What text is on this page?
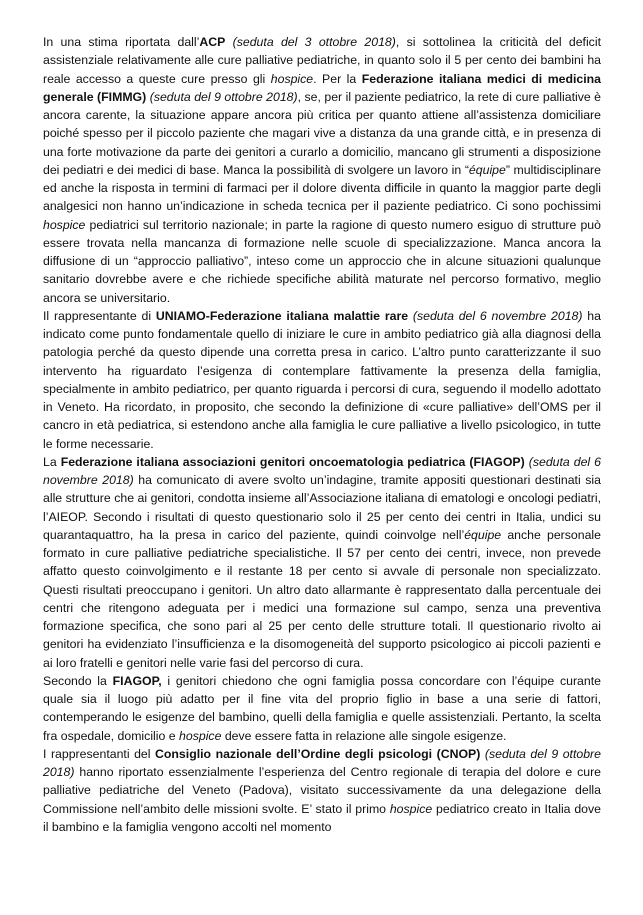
In una stima riportata dall’ACP (seduta del 3 ottobre 2018), si sottolinea la criticità del deficit assistenziale relativamente alle cure palliative pediatriche, in quanto solo il 5 per cento dei bambini ha reale accesso a queste cure presso gli hospice. Per la Federazione italiana medici di medicina generale (FIMMG) (seduta del 9 ottobre 2018), se, per il paziente pediatrico, la rete di cure palliative è ancora carente, la situazione appare ancora più critica per quanto attiene all’assistenza domiciliare poiché spesso per il piccolo paziente che magari vive a distanza da una grande città, e in presenza di una forte motivazione da parte dei genitori a curarlo a domicilio, mancano gli strumenti a disposizione dei pediatri e dei medici di base. Manca la possibilità di svolgere un lavoro in “équipe” multidisciplinare ed anche la risposta in termini di farmaci per il dolore diventa difficile in quanto la maggior parte degli analgesici non hanno un’indicazione in scheda tecnica per il paziente pediatrico. Ci sono pochissimi hospice pediatrici sul territorio nazionale; in parte la ragione di questo numero esiguo di strutture può essere trovata nella mancanza di formazione nelle scuole di specializzazione. Manca ancora la diffusione di un “approccio palliativo”, inteso come un approccio che in alcune situazioni qualunque sanitario dovrebbe avere e che richiede specifiche abilità maturate nel percorso formativo, meglio ancora se universitario.

Il rappresentante di UNIAMO-Federazione italiana malattie rare (seduta del 6 novembre 2018) ha indicato come punto fondamentale quello di iniziare le cure in ambito pediatrico già alla diagnosi della patologia perché da questo dipende una corretta presa in carico. L’altro punto caratterizzante il suo intervento ha riguardato l’esigenza di contemplare fattivamente la presenza della famiglia, specialmente in ambito pediatrico, per quanto riguarda i percorsi di cura, seguendo il modello adottato in Veneto. Ha ricordato, in proposito, che secondo la definizione di «cure palliative» dell’OMS per il cancro in età pediatrica, si estendono anche alla famiglia le cure palliative a livello psicologico, in tutte le forme necessarie.

La Federazione italiana associazioni genitori oncoematologia pediatrica (FIAGOP) (seduta del 6 novembre 2018) ha comunicato di avere svolto un’indagine, tramite appositi questionari destinati sia alle strutture che ai genitori, condotta insieme all’Associazione italiana di ematologi e oncologi pediatri, l’AIEOP. Secondo i risultati di questo questionario solo il 25 per cento dei centri in Italia, undici su quarantaquattro, ha la presa in carico del paziente, quindi coinvolge nell’équipe anche personale formato in cure palliative pediatriche specialistiche. Il 57 per cento dei centri, invece, non prevede affatto questo coinvolgimento e il restante 18 per cento si avvale di personale non specializzato. Questi risultati preoccupano i genitori. Un altro dato allarmante è rappresentato dalla percentuale dei centri che ritengono adeguata per i medici una formazione sul campo, senza una preventiva formazione specifica, che sono pari al 25 per cento delle strutture totali. Il questionario rivolto ai genitori ha evidenziato l’insufficienza e la disomogeneità del supporto psicologico ai piccoli pazienti e ai loro fratelli e genitori nelle varie fasi del percorso di cura.

Secondo la FIAGOP, i genitori chiedono che ogni famiglia possa concordare con l’équipe curante quale sia il luogo più adatto per il fine vita del proprio figlio in base a una serie di fattori, contemperando le esigenze del bambino, quelli della famiglia e quelle assistenziali. Pertanto, la scelta fra ospedale, domicilio e hospice deve essere fatta in relazione alle singole esigenze.

I rappresentanti del Consiglio nazionale dell’Ordine degli psicologi (CNOP) (seduta del 9 ottobre 2018) hanno riportato essenzialmente l’esperienza del Centro regionale di terapia del dolore e cure palliative pediatriche del Veneto (Padova), visitato successivamente da una delegazione della Commissione nell’ambito delle missioni svolte. E’ stato il primo hospice pediatrico creato in Italia dove il bambino e la famiglia vengono accolti nel momento
